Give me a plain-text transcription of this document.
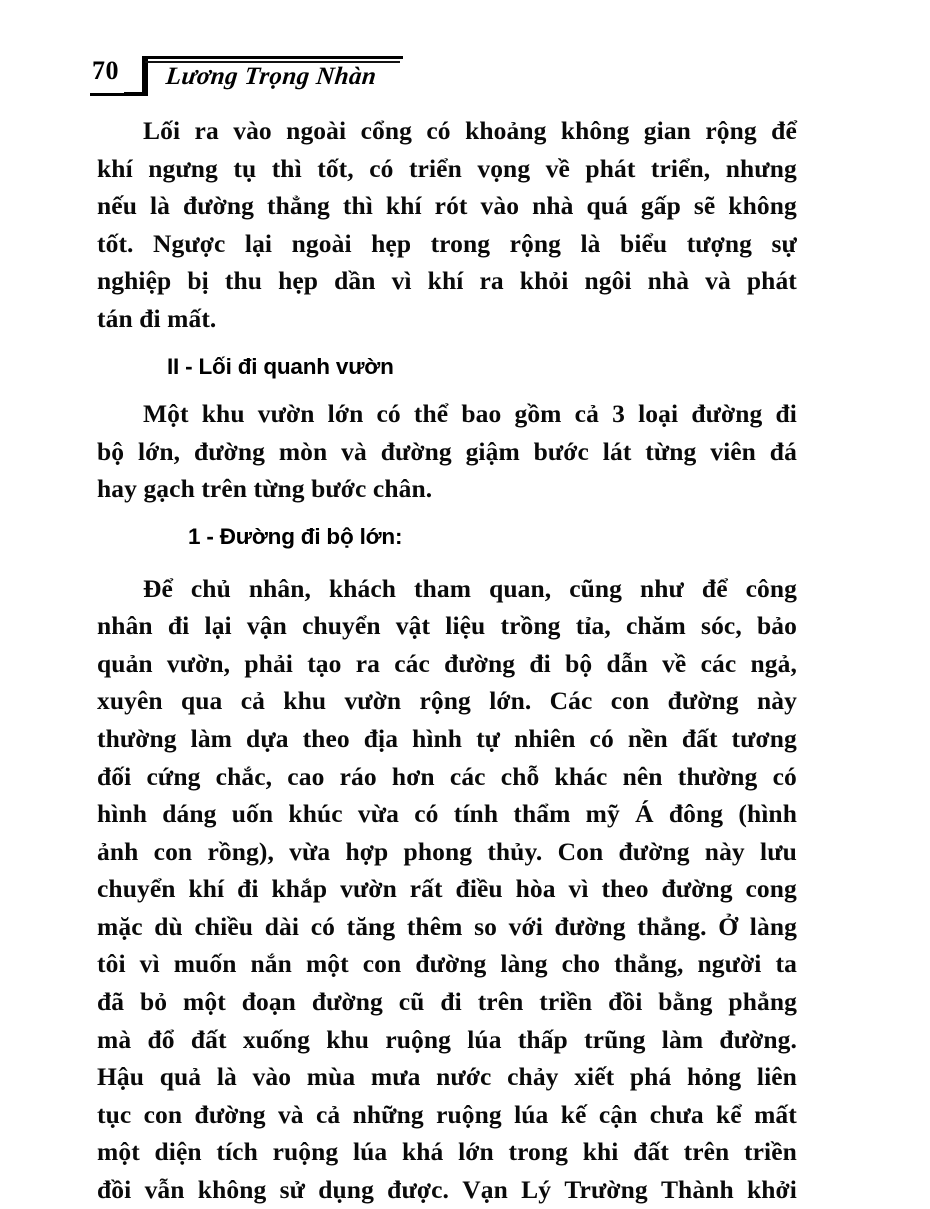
70 Lương Trọng Nhàn
Lối ra vào ngoài cổng có khoảng không gian rộng để
khí ngưng tụ thì tốt, có triển vọng về phát triển, nhưng
nếu là đường thẳng thì khí rót vào nhà quá gấp sẽ không
tốt. Ngược lại ngoài hẹp trong rộng là biểu tượng sự
nghiệp bị thu hẹp dần vì khí ra khỏi ngôi nhà và phát
tán đi mất.
II - Lối đi quanh vườn
Một khu vườn lớn có thể bao gồm cả 3 loại đường đi
bộ lớn, đường mòn và đường giậm bước lát từng viên đá
hay gạch trên từng bước chân.
1 - Đường đi bộ lớn:
Để chủ nhân, khách tham quan, cũng như để công
nhân đi lại vận chuyển vật liệu trồng tỉa, chăm sóc, bảo
quản vườn, phải tạo ra các đường đi bộ dẫn về các ngả,
xuyên qua cả khu vườn rộng lớn. Các con đường này
thường làm dựa theo địa hình tự nhiên có nền đất tương
đối cứng chắc, cao ráo hơn các chỗ khác nên thường có
hình dáng uốn khúc vừa có tính thẩm mỹ Á đông (hình
ảnh con rồng), vừa hợp phong thủy. Con đường này lưu
chuyển khí đi khắp vườn rất điều hòa vì theo đường cong
mặc dù chiều dài có tăng thêm so với đường thẳng. Ở làng
tôi vì muốn nắn một con đường làng cho thẳng, người ta
đã bỏ một đoạn đường cũ đi trên triền đồi bằng phẳng
mà đổ đất xuống khu ruộng lúa thấp trũng làm đường.
Hậu quả là vào mùa mưa nước chảy xiết phá hỏng liên
tục con đường và cả những ruộng lúa kế cận chưa kể mất
một diện tích ruộng lúa khá lớn trong khi đất trên triền
đồi vẫn không sử dụng được. Vạn Lý Trường Thành khởi
